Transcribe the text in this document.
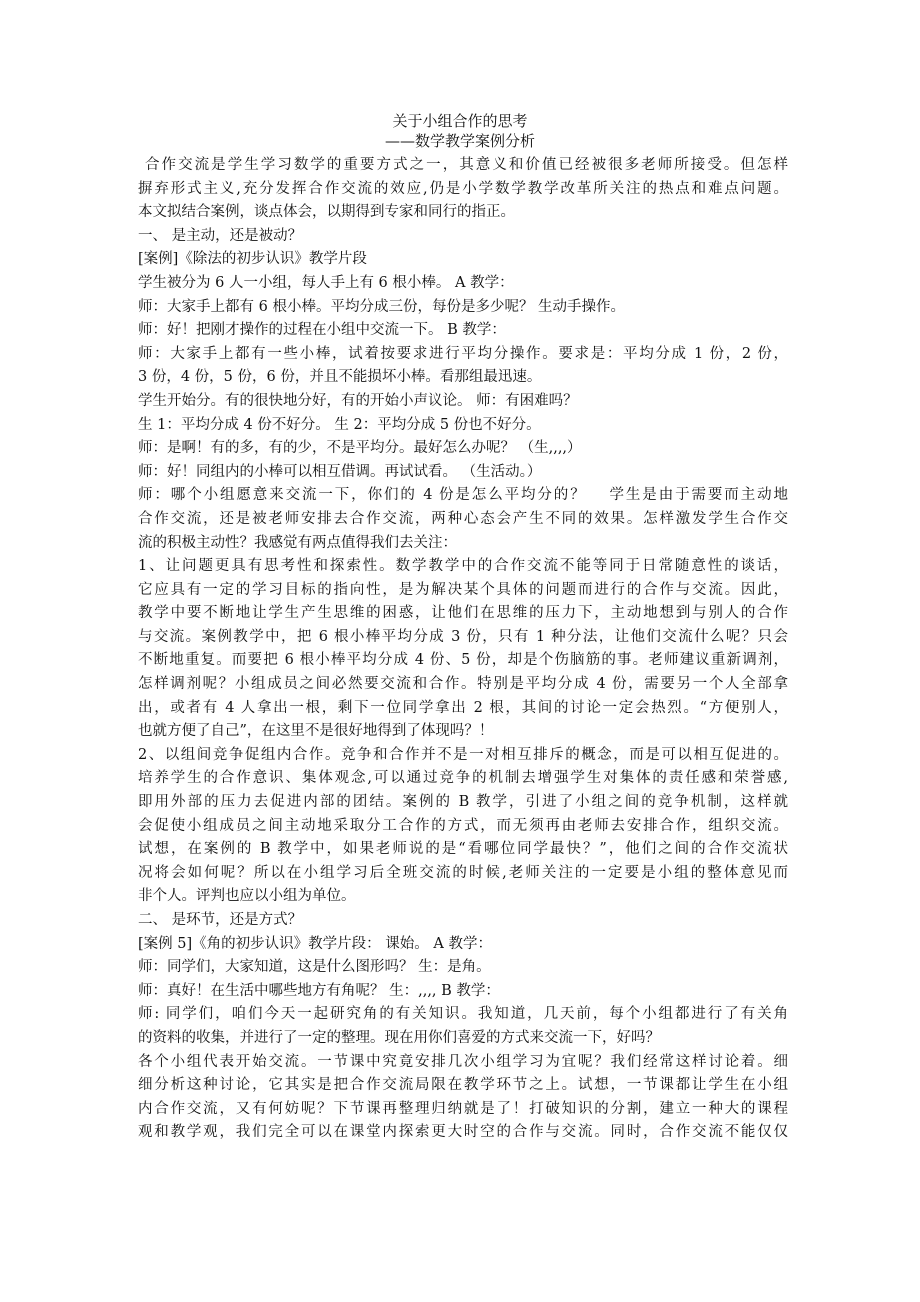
关于小组合作的思考
——数学教学案例分析
合作交流是学生学习数学的重要方式之一，其意义和价值已经被很多老师所接受。但怎样
摒弃形式主义,充分发挥合作交流的效应,仍是小学数学教学改革所关注的热点和难点问题。
本文拟结合案例，谈点体会，以期得到专家和同行的指正。
一、 是主动，还是被动？
[案例]《除法的初步认识》教学片段
学生被分为 6 人一小组，每人手上有 6 根小棒。 A 教学：
师：大家手上都有 6 根小棒。平均分成三份，每份是多少呢？ 生动手操作。
师：好！把刚才操作的过程在小组中交流一下。 B 教学：
师：大家手上都有一些小棒，试着按要求进行平均分操作。要求是：平均分成 1 份，2 份，
3 份，4 份，5 份，6 份，并且不能损坏小棒。看那组最迅速。
学生开始分。有的很快地分好，有的开始小声议论。 师：有困难吗？
生 1：平均分成 4 份不好分。 生 2：平均分成 5 份也不好分。
师：是啊！有的多，有的少，不是平均分。最好怎么办呢？ （生,,,,）
师：好！同组内的小棒可以相互借调。再试试看。 （生活动。）
师：哪个小组愿意来交流一下，你们的 4 份是怎么平均分的？ 　学生是由于需要而主动地
合作交流，还是被老师安排去合作交流，两种心态会产生不同的效果。怎样激发学生合作交
流的积极主动性？我感觉有两点值得我们去关注：
1、让问题更具有思考性和探索性。数学教学中的合作交流不能等同于日常随意性的谈话，
它应具有一定的学习目标的指向性，是为解决某个具体的问题而进行的合作与交流。因此，
教学中要不断地让学生产生思维的困惑，让他们在思维的压力下，主动地想到与别人的合作
与交流。案例教学中，把 6 根小棒平均分成 3 份，只有 1 种分法，让他们交流什么呢？只会
不断地重复。而要把 6 根小棒平均分成 4 份、5 份，却是个伤脑筋的事。老师建议重新调剂，
怎样调剂呢？小组成员之间必然要交流和合作。特别是平均分成 4 份，需要另一个人全部拿
出，或者有 4 人拿出一根，剩下一位同学拿出 2 根，其间的讨论一定会热烈。“方便别人，
也就方便了自己”，在这里不是很好地得到了体现吗？！
2、以组间竞争促组内合作。竞争和合作并不是一对相互排斥的概念，而是可以相互促进的。
培养学生的合作意识、集体观念,可以通过竞争的机制去增强学生对集体的责任感和荣誉感,
即用外部的压力去促进内部的团结。案例的 B 教学，引进了小组之间的竞争机制，这样就
会促使小组成员之间主动地采取分工合作的方式，而无须再由老师去安排合作，组织交流。
试想，在案例的 B 教学中，如果老师说的是“看哪位同学最快？”，他们之间的合作交流状
况将会如何呢？所以在小组学习后全班交流的时候,老师关注的一定要是小组的整体意见而
非个人。评判也应以小组为单位。
二、 是环节，还是方式？
[案例 5]《角的初步认识》教学片段： 课始。 A 教学：
师：同学们，大家知道，这是什么图形吗？ 生：是角。
师：真好！在生活中哪些地方有角呢？ 生：,,,, B 教学：
师: 同学们，咱们今天一起研究角的有关知识。我知道，几天前，每个小组都进行了有关角
的资料的收集，并进行了一定的整理。现在用你们喜爱的方式来交流一下，好吗？
各个小组代表开始交流。一节课中究竟安排几次小组学习为宜呢？我们经常这样讨论着。细
细分析这种讨论，它其实是把合作交流局限在教学环节之上。试想，一节课都让学生在小组
内合作交流，又有何妨呢？下节课再整理归纳就是了！打破知识的分割，建立一种大的课程
观和教学观，我们完全可以在课堂内探索更大时空的合作与交流。同时，合作交流不能仅仅
